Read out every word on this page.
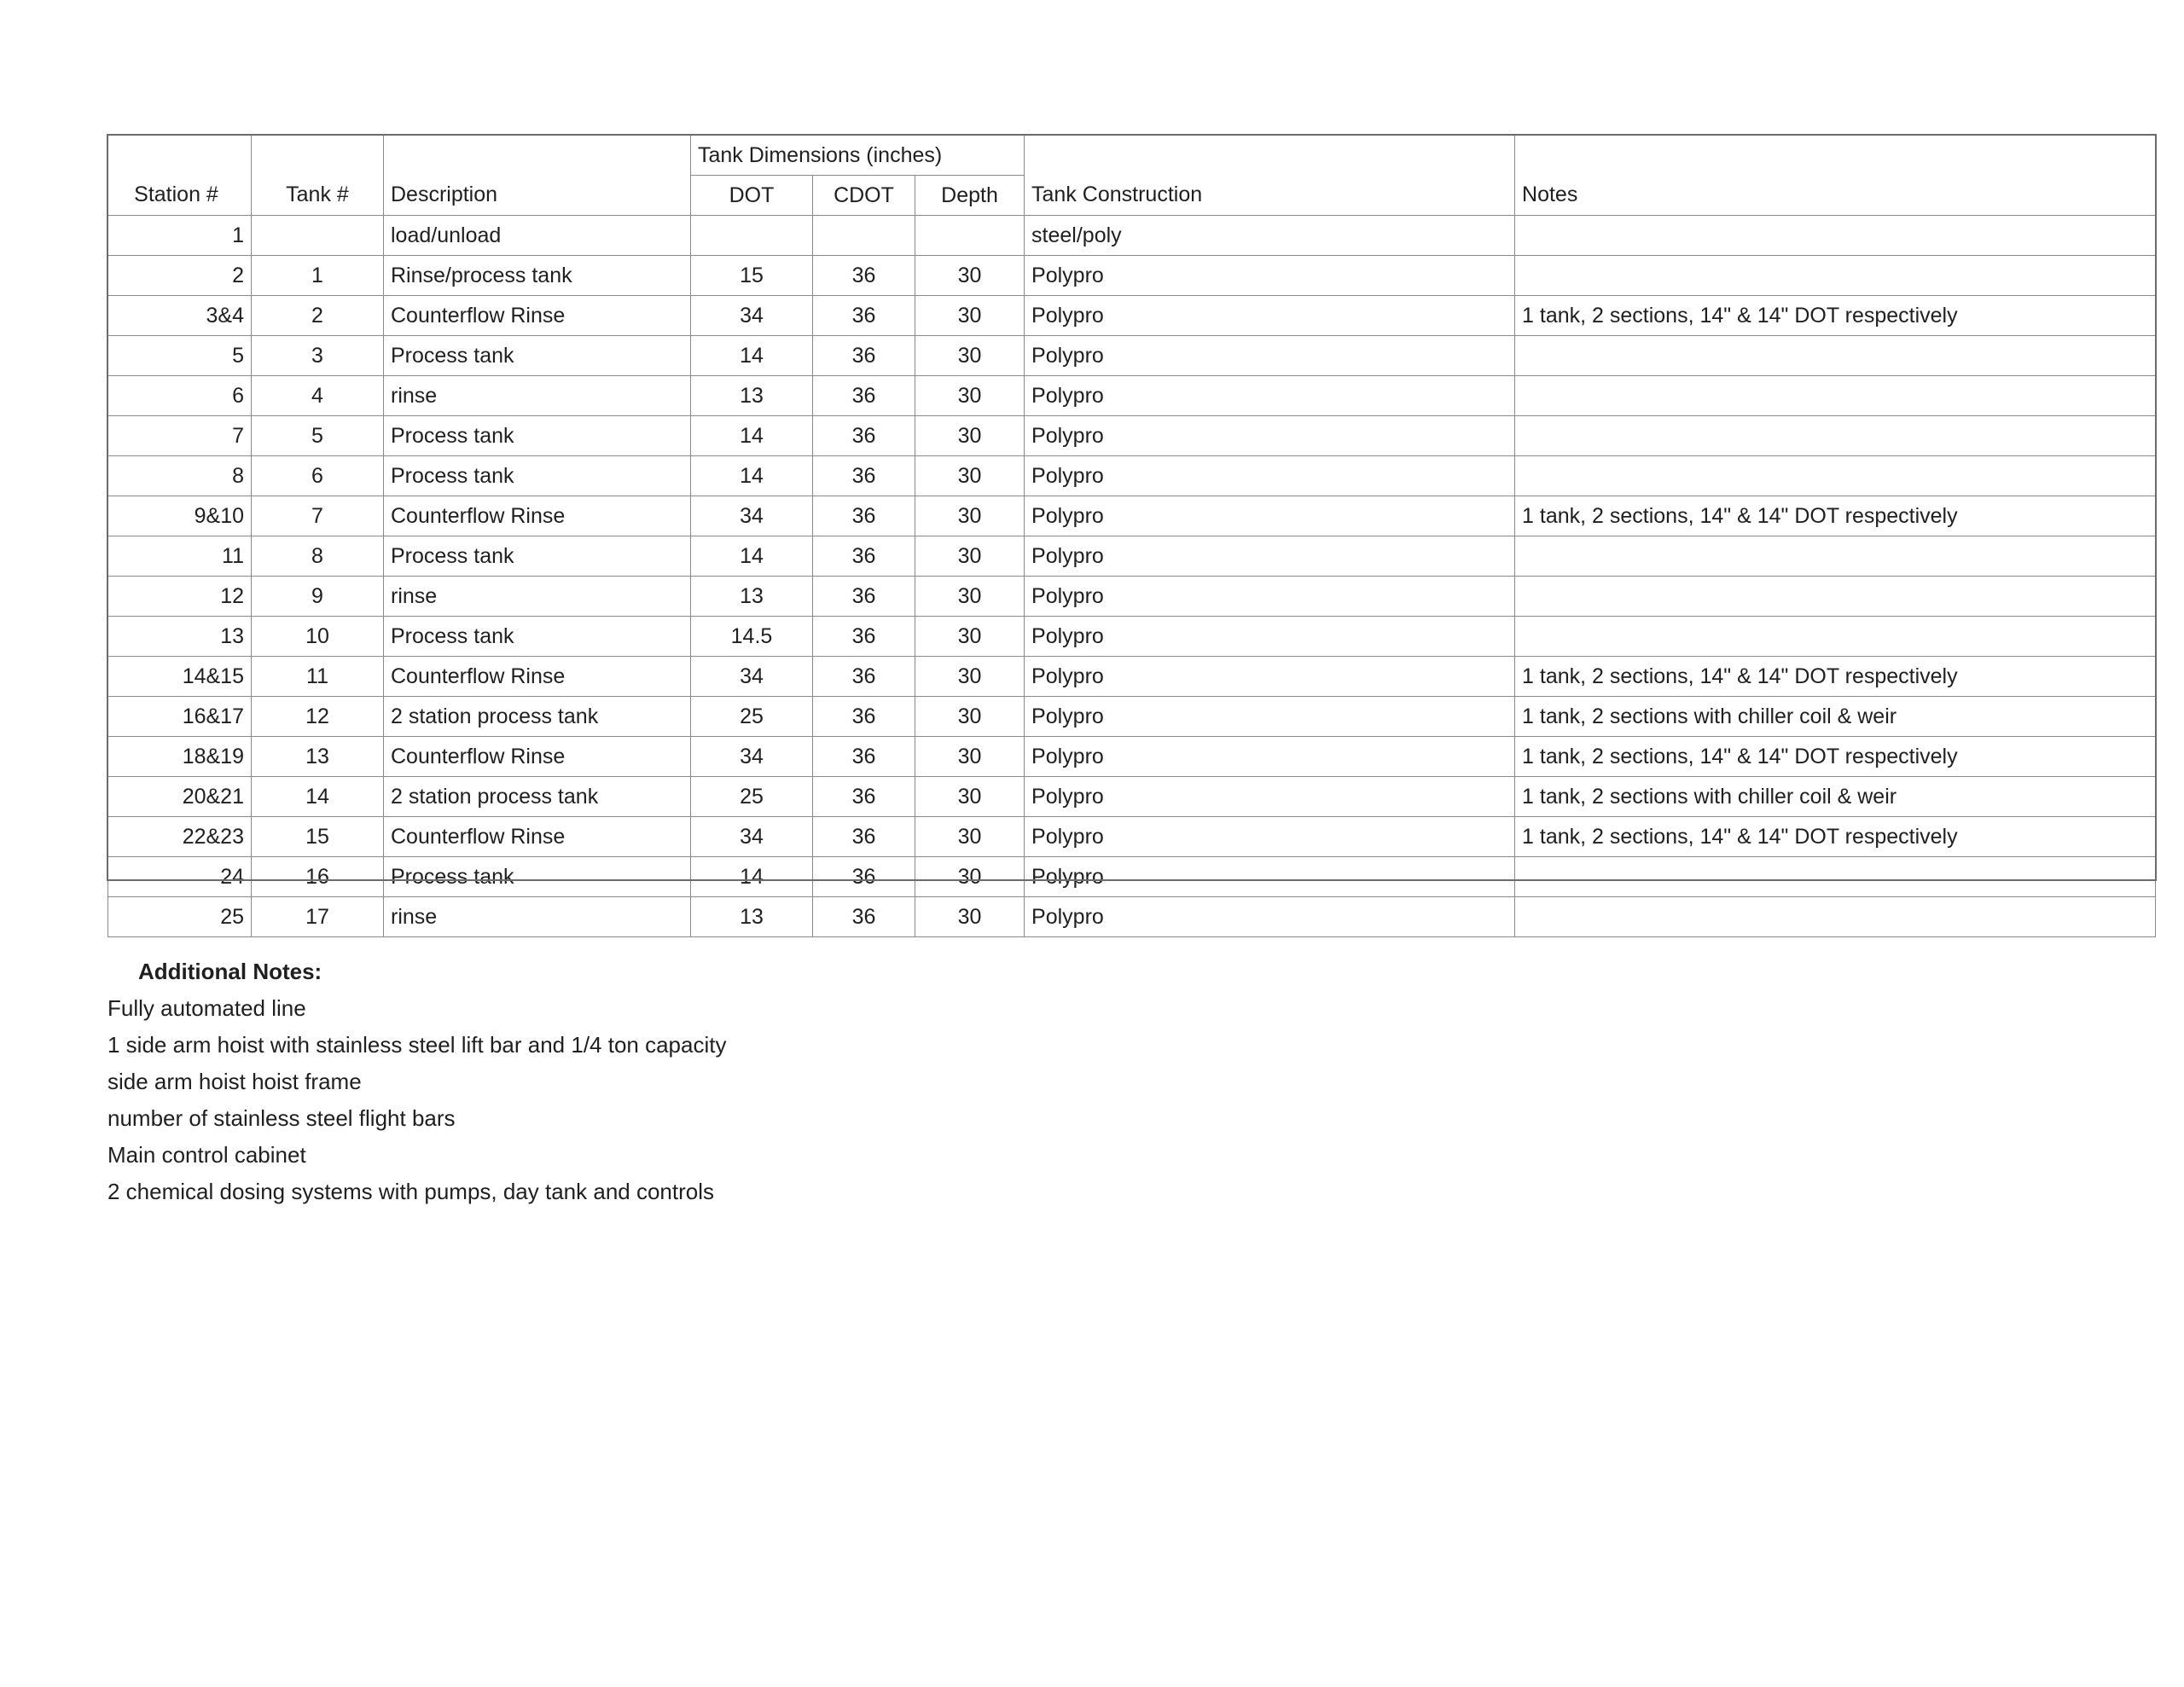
			Tank Dimensions (inches)				
Station #	Tank #	Description	DOT	CDOT	Depth	Tank Construction	Notes
1		load/unload				steel/poly	
2	1	Rinse/process tank	15	36	30	Polypro	
3&4	2	Counterflow Rinse	34	36	30	Polypro	1 tank, 2 sections, 14" & 14" DOT respectively
5	3	Process tank	14	36	30	Polypro	
6	4	rinse	13	36	30	Polypro	
7	5	Process tank	14	36	30	Polypro	
8	6	Process tank	14	36	30	Polypro	
9&10	7	Counterflow Rinse	34	36	30	Polypro	1 tank, 2 sections, 14" & 14" DOT respectively
11	8	Process tank	14	36	30	Polypro	
12	9	rinse	13	36	30	Polypro	
13	10	Process tank	14.5	36	30	Polypro	
14&15	11	Counterflow Rinse	34	36	30	Polypro	1 tank, 2 sections, 14" & 14" DOT respectively
16&17	12	2 station process tank	25	36	30	Polypro	1 tank, 2 sections with chiller coil & weir
18&19	13	Counterflow Rinse	34	36	30	Polypro	1 tank, 2 sections, 14" & 14" DOT respectively
20&21	14	2 station process tank	25	36	30	Polypro	1 tank, 2 sections with chiller coil & weir
22&23	15	Counterflow Rinse	34	36	30	Polypro	1 tank, 2 sections, 14" & 14" DOT respectively
24	16	Process tank	14	36	30	Polypro	
25	17	rinse	13	36	30	Polypro	
Additional Notes:
Fully automated line
1 side arm hoist with stainless steel lift bar and 1/4 ton capacity
side arm hoist hoist frame
number of stainless steel flight bars
Main control cabinet
2 chemical dosing systems with pumps, day tank and controls
